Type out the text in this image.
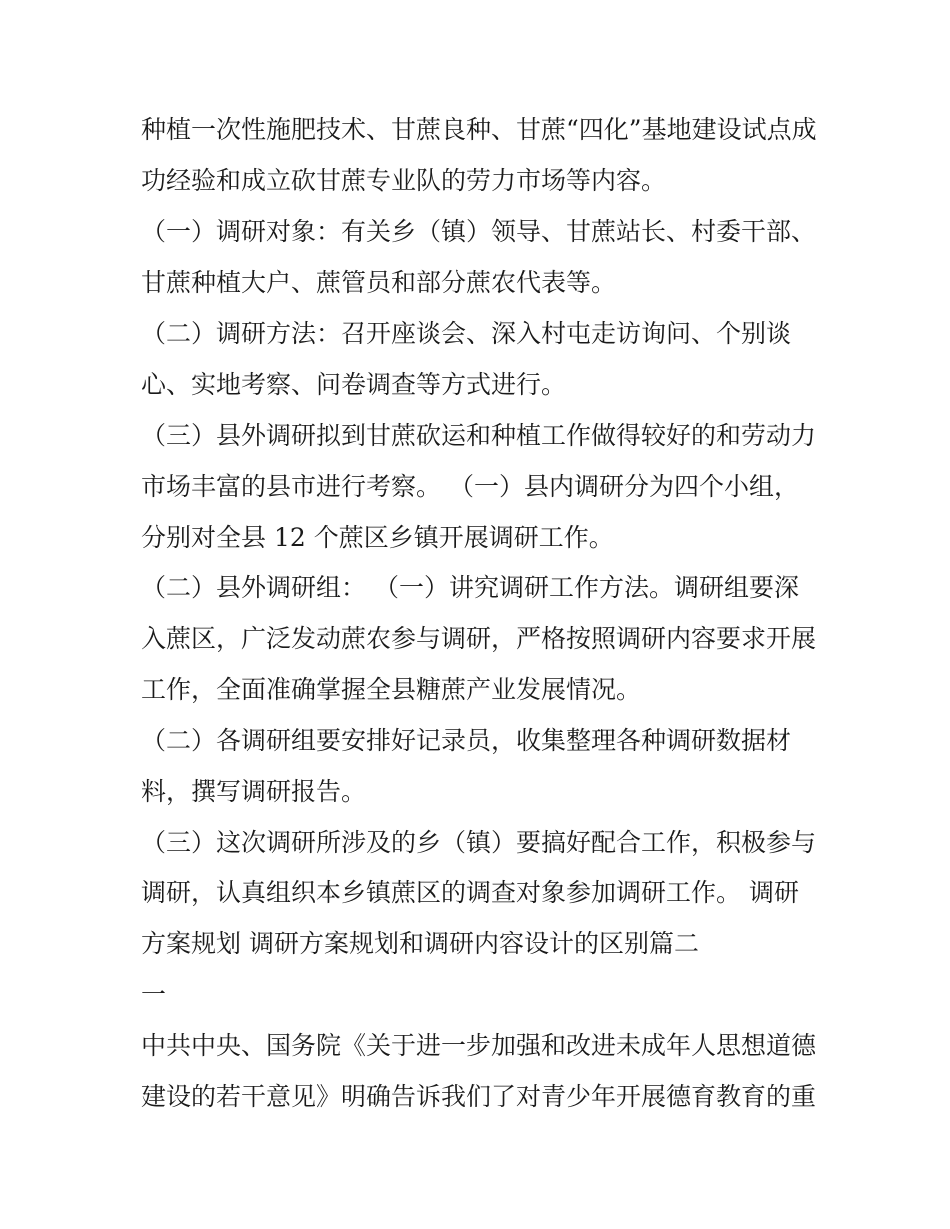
种植一次性施肥技术、甘蔗良种、甘蔗“四化”基地建设试点成
功经验和成立砍甘蔗专业队的劳力市场等内容。
（一）调研对象：有关乡（镇）领导、甘蔗站长、村委干部、
甘蔗种植大户、蔗管员和部分蔗农代表等。
（二）调研方法：召开座谈会、深入村屯走访询问、个别谈
心、实地考察、问卷调查等方式进行。
（三）县外调研拟到甘蔗砍运和种植工作做得较好的和劳动力
市场丰富的县市进行考察。 （一）县内调研分为四个小组，
分别对全县 12 个蔗区乡镇开展调研工作。
（二）县外调研组： （一）讲究调研工作方法。调研组要深
入蔗区，广泛发动蔗农参与调研，严格按照调研内容要求开展
工作，全面准确掌握全县糖蔗产业发展情况。
（二）各调研组要安排好记录员，收集整理各种调研数据材
料，撰写调研报告。
（三）这次调研所涉及的乡（镇）要搞好配合工作，积极参与
调研，认真组织本乡镇蔗区的调查对象参加调研工作。 调研
方案规划 调研方案规划和调研内容设计的区别篇二
一
中共中央、国务院《关于进一步加强和改进未成年人思想道德
建设的若干意见》明确告诉我们了对青少年开展德育教育的重
